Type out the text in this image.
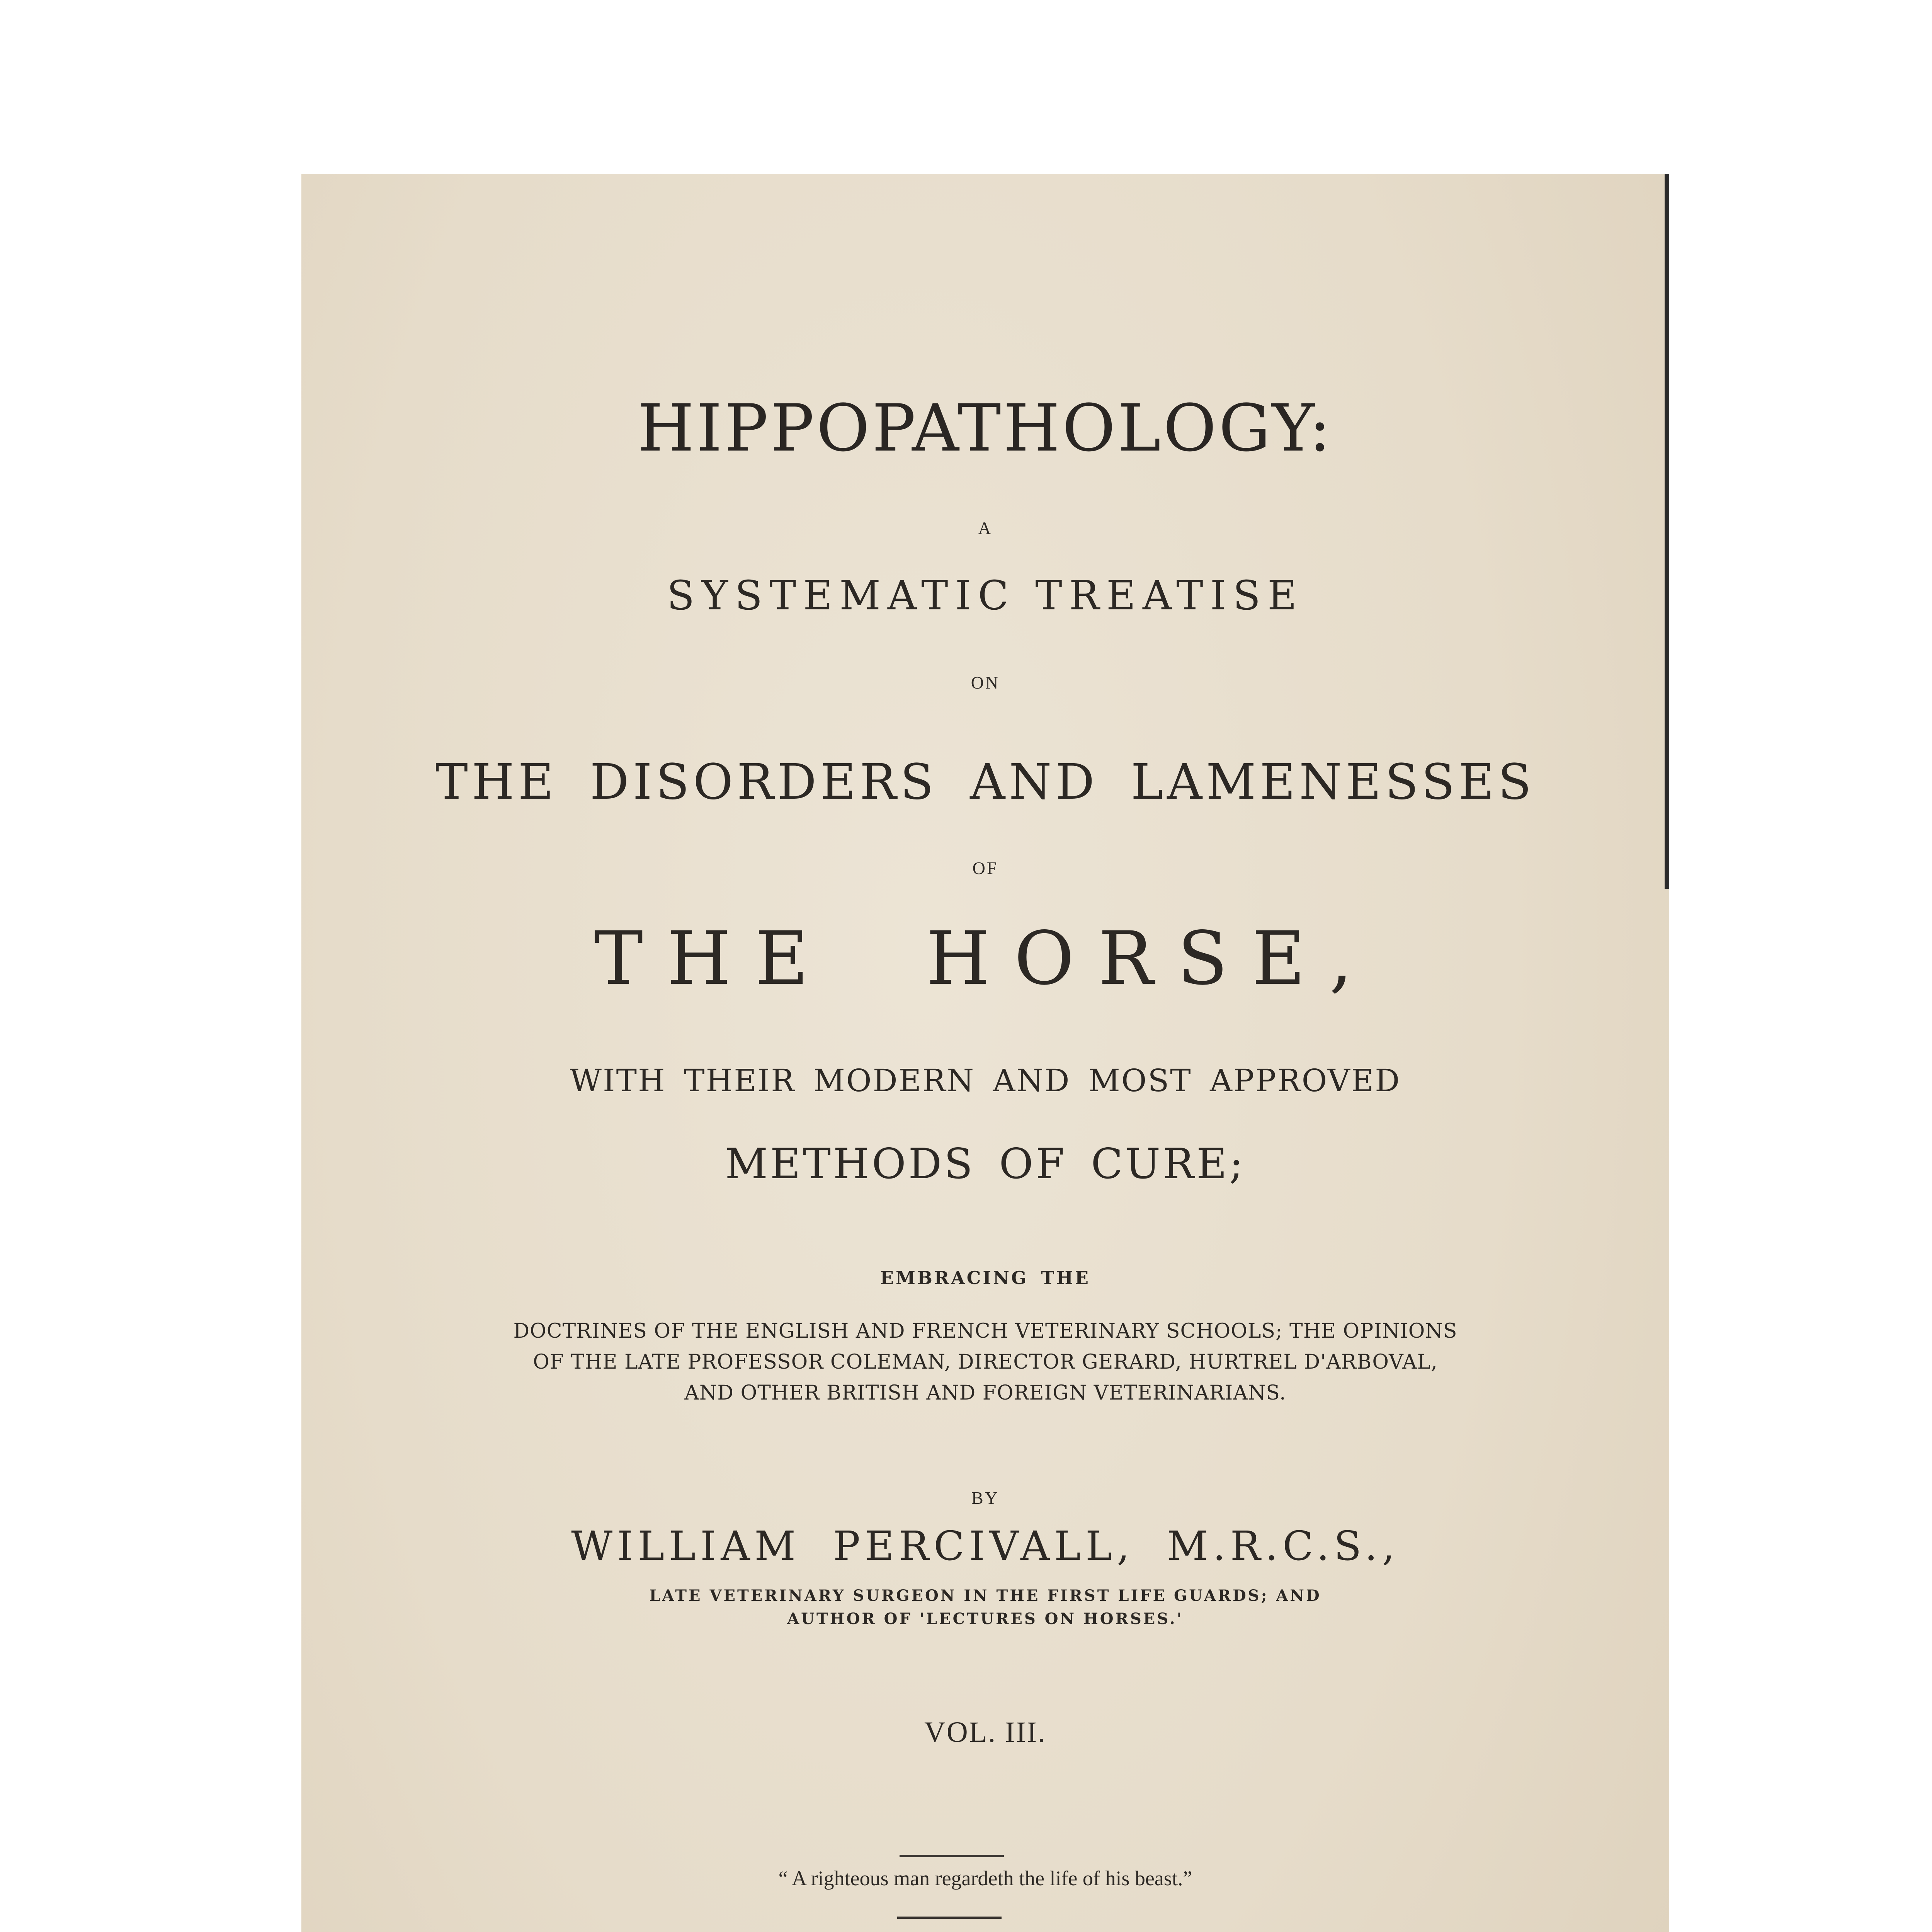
HIPPOPATHOLOGY:
A
SYSTEMATIC TREATISE
ON
THE DISORDERS AND LAMENESSES
OF
THE HORSE,
WITH THEIR MODERN AND MOST APPROVED
METHODS OF CURE;
EMBRACING THE
DOCTRINES OF THE ENGLISH AND FRENCH VETERINARY SCHOOLS; THE OPINIONS
OF THE LATE PROFESSOR COLEMAN, DIRECTOR GERARD, HURTREL D'ARBOVAL,
AND OTHER BRITISH AND FOREIGN VETERINARIANS.
BY
WILLIAM PERCIVALL, M.R.C.S.,
LATE VETERINARY SURGEON IN THE FIRST LIFE GUARDS; AND
AUTHOR OF 'LECTURES ON HORSES.'
VOL. III.
“ A righteous man regardeth the life of his beast.”
